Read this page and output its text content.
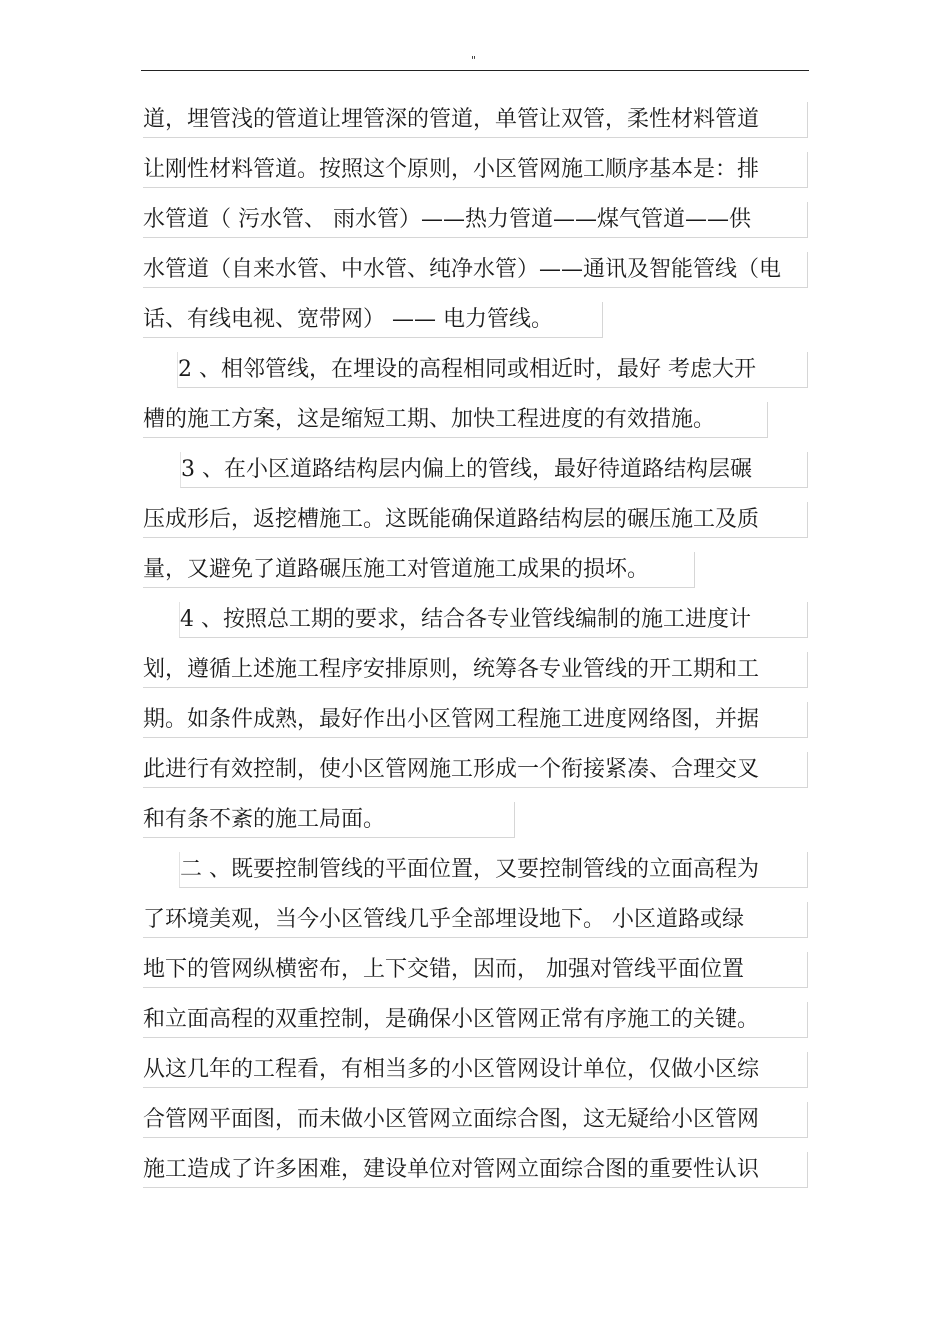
"
道，埋管浅的管道让埋管深的管道，单管让双管，柔性材料管道
让刚性材料管道。按照这个原则，小区管网施工顺序基本是：排
水管道（ 污水管、 雨水管）——热力管道——煤气管道——供
水管道（自来水管、中水管、纯净水管）——通讯及智能管线（电
话、有线电视、宽带网） —— 电力管线。
2 、相邻管线，在埋设的高程相同或相近时，最好 考虑大开
槽的施工方案，这是缩短工期、加快工程进度的有效措施。
3 、在小区道路结构层内偏上的管线，最好待道路结构层碾
压成形后，返挖槽施工。这既能确保道路结构层的碾压施工及质
量，又避免了道路碾压施工对管道施工成果的损坏。
4 、按照总工期的要求，结合各专业管线编制的施工进度计
划，遵循上述施工程序安排原则，统筹各专业管线的开工期和工
期。如条件成熟，最好作出小区管网工程施工进度网络图，并据
此进行有效控制，使小区管网施工形成一个衔接紧凑、合理交叉
和有条不紊的施工局面。
二 、既要控制管线的平面位置，又要控制管线的立面高程为
了环境美观，当今小区管线几乎全部埋设地下。 小区道路或绿
地下的管网纵横密布，上下交错，因而， 加强对管线平面位置
和立面高程的双重控制，是确保小区管网正常有序施工的关键。
从这几年的工程看，有相当多的小区管网设计单位，仅做小区综
合管网平面图，而未做小区管网立面综合图，这无疑给小区管网
施工造成了许多困难，建设单位对管网立面综合图的重要性认识
